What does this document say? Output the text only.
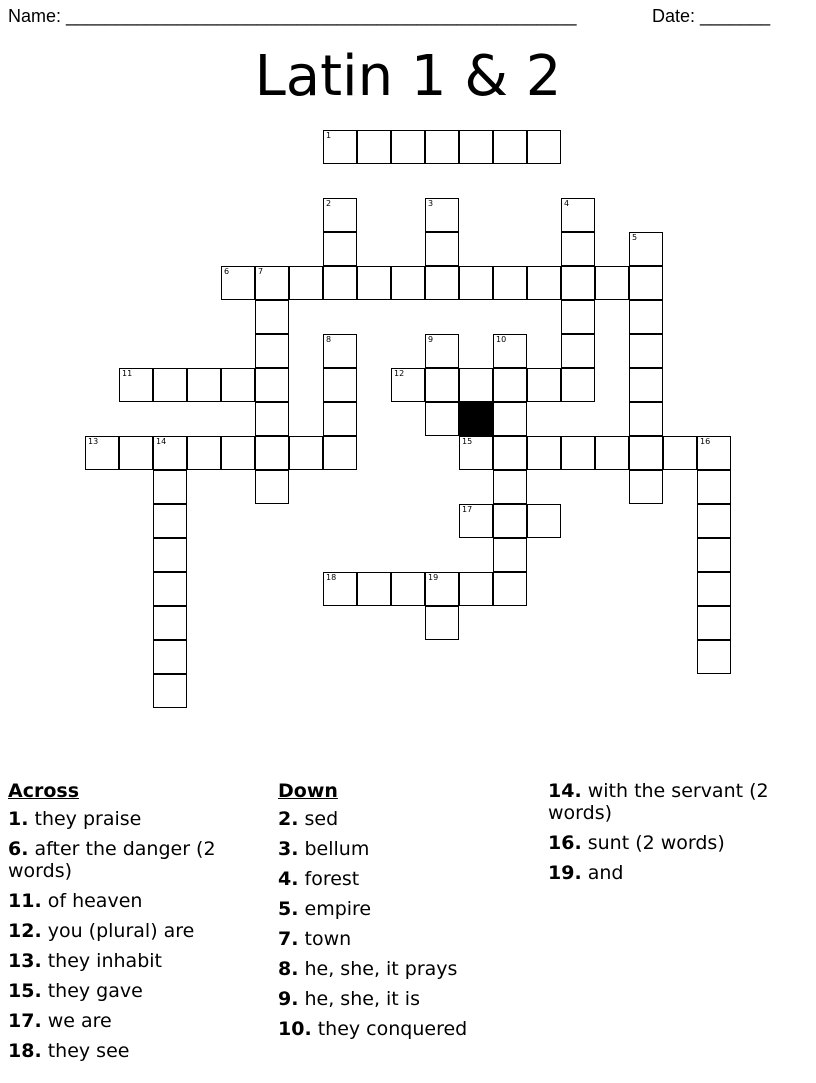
Name: ___________________________________________________	Date: _______
Latin 1 & 2
1
6	7
11	12
13	14	15	16
17
18	19
2	3	4
5
8	9	10
Across
1. they praise
6. after the danger (2 words)
11. of heaven
12. you (plural) are
13. they inhabit
15. they gave
17. we are
18. they see
Down
2. sed
3. bellum
4. forest
5. empire
7. town
8. he, she, it prays
9. he, she, it is
10. they conquered
14. with the servant (2 words)
16. sunt (2 words)
19. and
